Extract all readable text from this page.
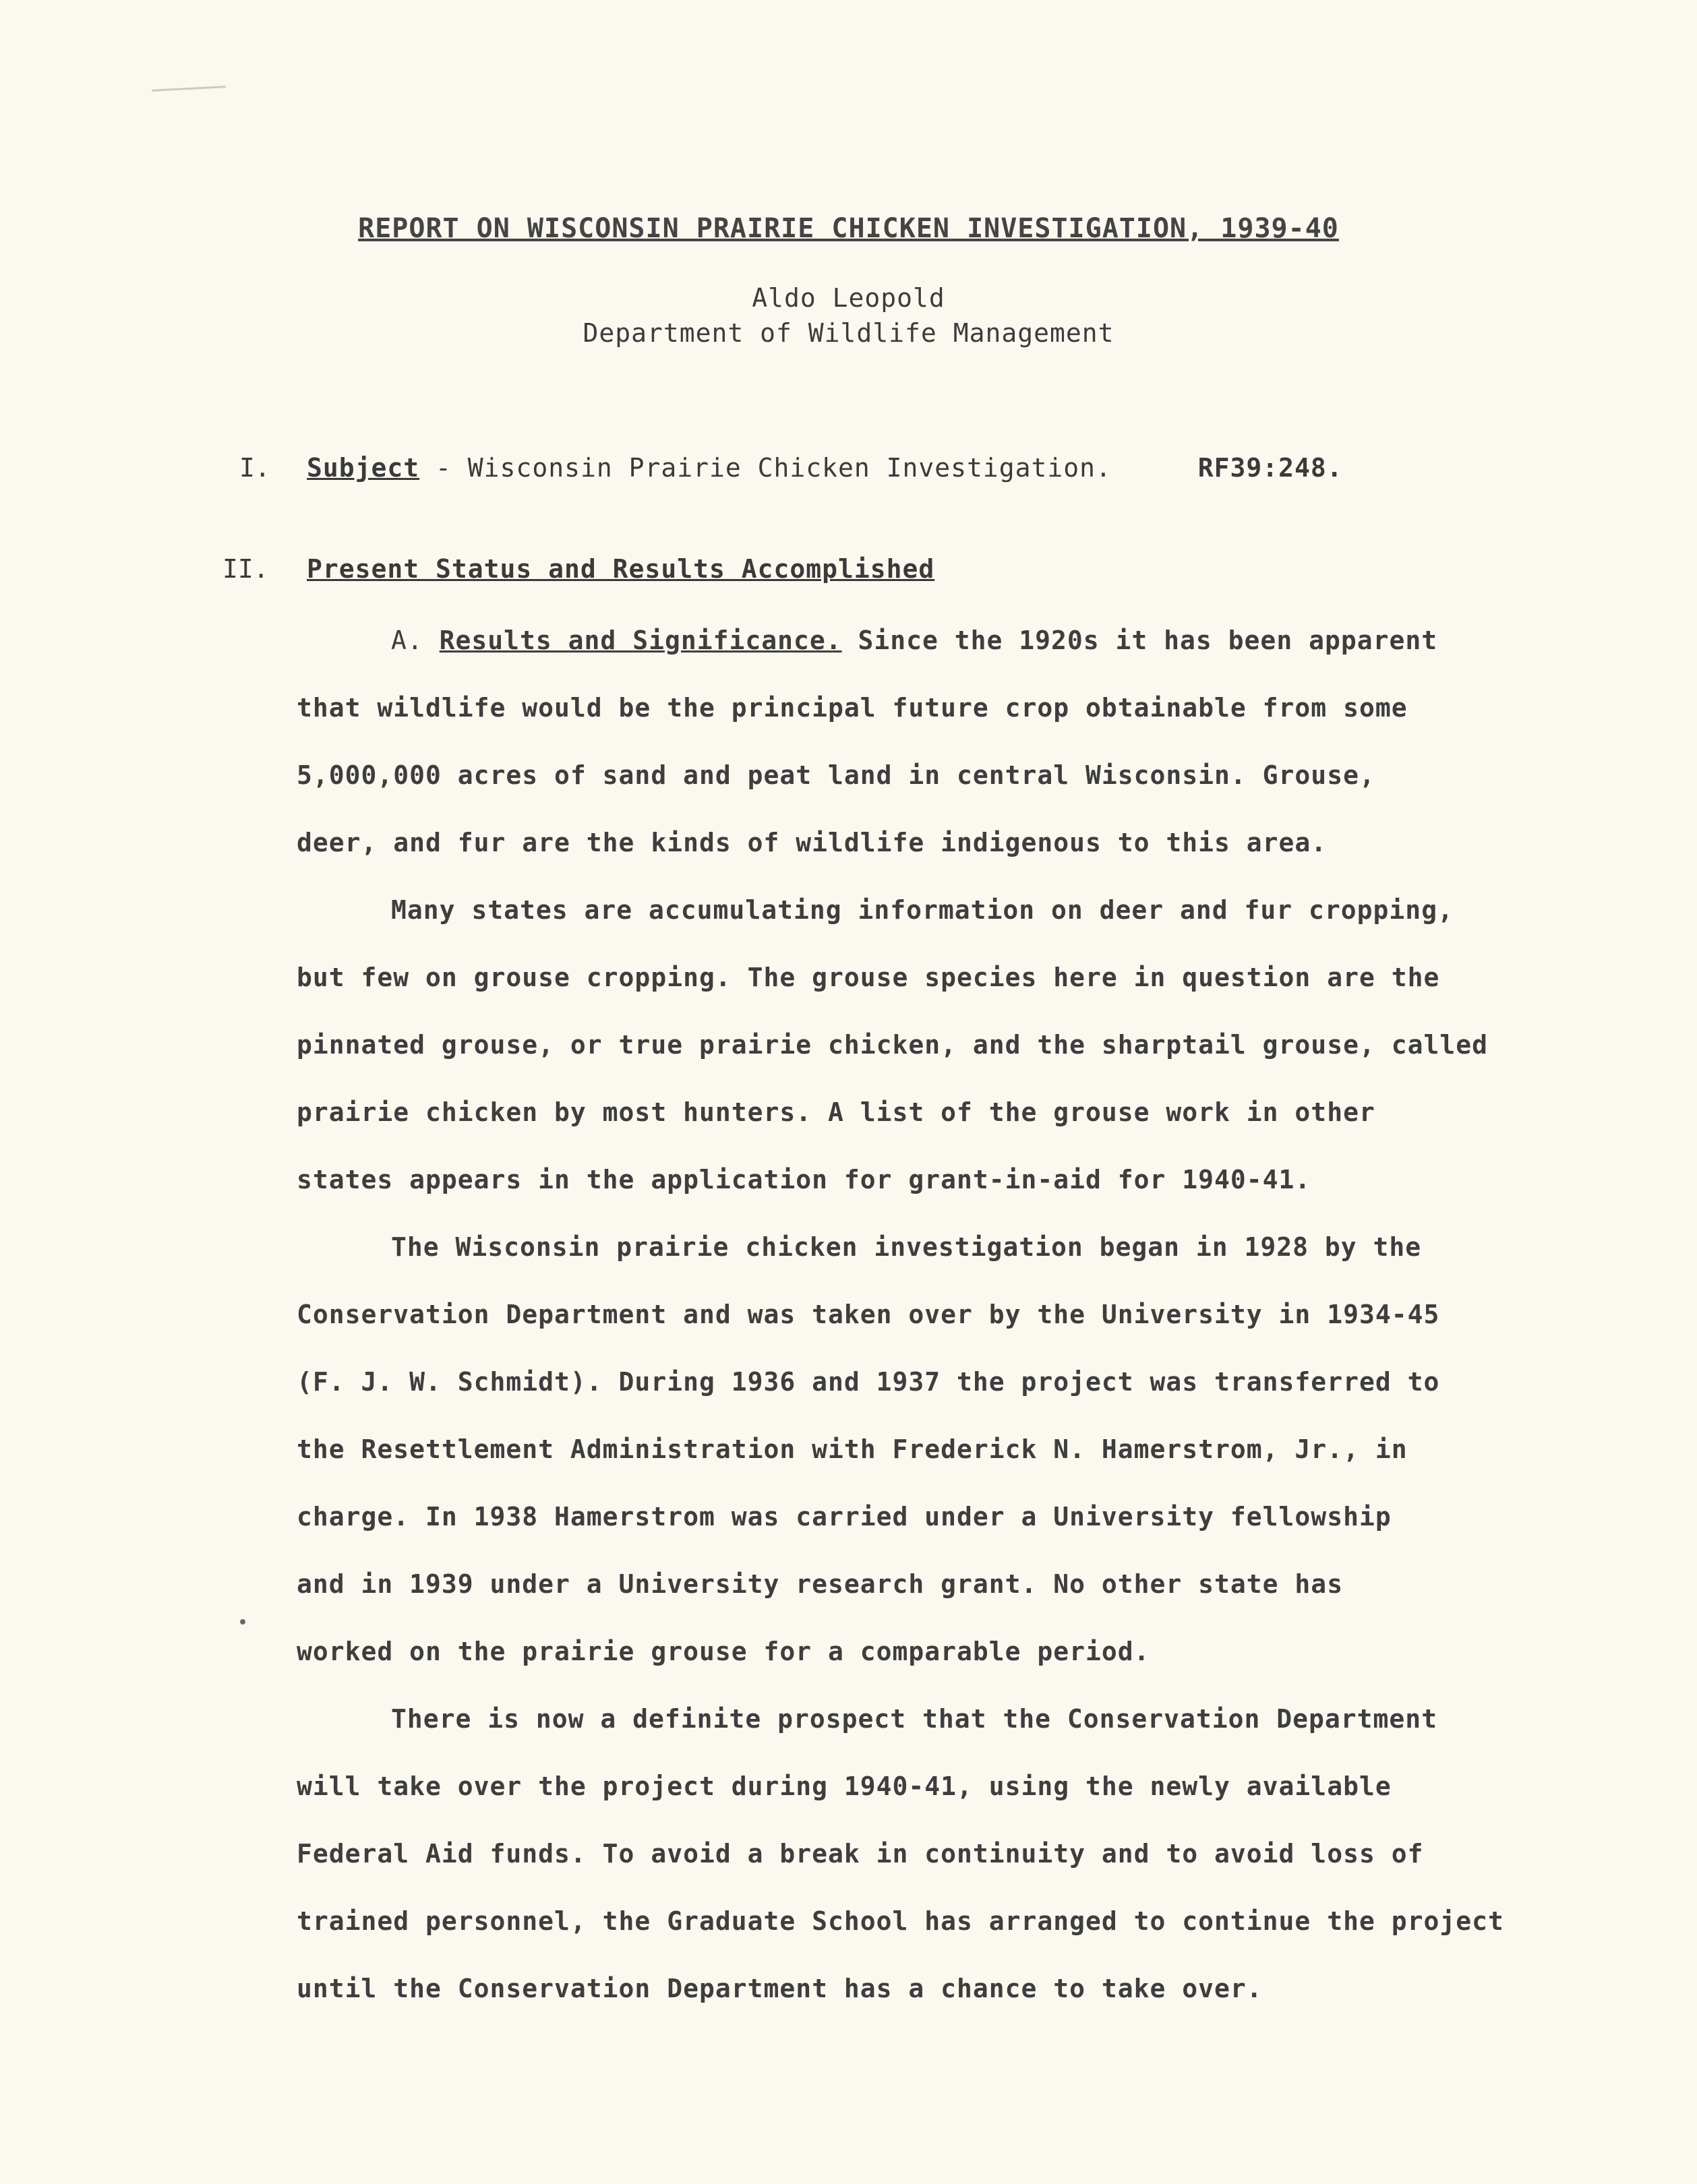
REPORT ON WISCONSIN PRAIRIE CHICKEN INVESTIGATION, 1939-40
Aldo Leopold
Department of Wildlife Management
I. Subject - Wisconsin Prairie Chicken Investigation.	RF39:248.
II. Present Status and Results Accomplished
A. Results and Significance. Since the 1920s it has been apparent
that wildlife would be the principal future crop obtainable from some
5,000,000 acres of sand and peat land in central Wisconsin. Grouse,
deer, and fur are the kinds of wildlife indigenous to this area.
Many states are accumulating information on deer and fur cropping,
but few on grouse cropping. The grouse species here in question are the
pinnated grouse, or true prairie chicken, and the sharptail grouse, called
prairie chicken by most hunters. A list of the grouse work in other
states appears in the application for grant-in-aid for 1940-41.
The Wisconsin prairie chicken investigation began in 1928 by the
Conservation Department and was taken over by the University in 1934-45
(F. J. W. Schmidt). During 1936 and 1937 the project was transferred to
the Resettlement Administration with Frederick N. Hamerstrom, Jr., in
charge. In 1938 Hamerstrom was carried under a University fellowship
and in 1939 under a University research grant. No other state has
worked on the prairie grouse for a comparable period.
There is now a definite prospect that the Conservation Department
will take over the project during 1940-41, using the newly available
Federal Aid funds. To avoid a break in continuity and to avoid loss of
trained personnel, the Graduate School has arranged to continue the project
until the Conservation Department has a chance to take over.
